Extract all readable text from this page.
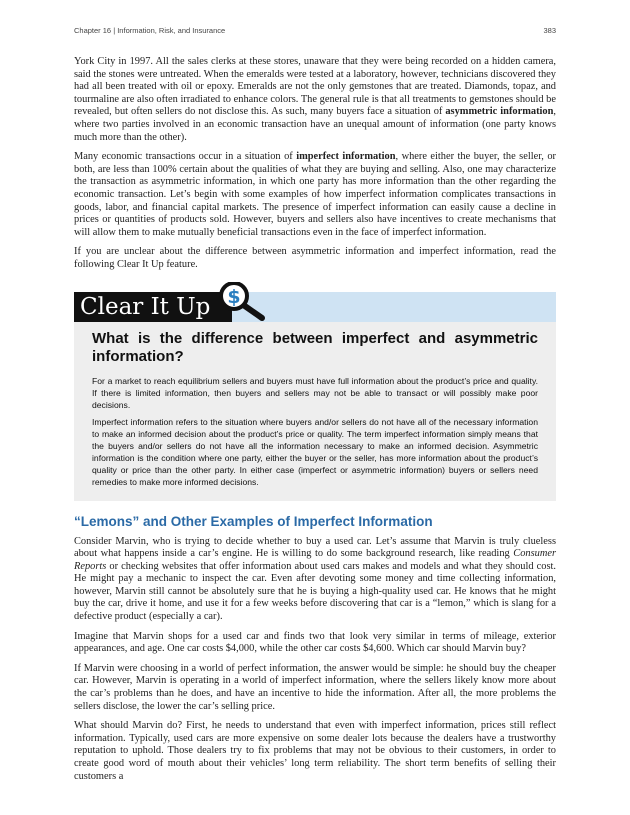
Chapter 16 | Information, Risk, and Insurance	383

York City in 1997. All the sales clerks at these stores, unaware that they were being recorded on a hidden camera, said the stones were untreated. When the emeralds were tested at a laboratory, however, technicians discovered they had all been treated with oil or epoxy. Emeralds are not the only gemstones that are treated. Diamonds, topaz, and tourmaline are also often irradiated to enhance colors. The general rule is that all treatments to gemstones should be revealed, but often sellers do not disclose this. As such, many buyers face a situation of asymmetric information, where two parties involved in an economic transaction have an unequal amount of information (one party knows much more than the other).

Many economic transactions occur in a situation of imperfect information, where either the buyer, the seller, or both, are less than 100% certain about the qualities of what they are buying and selling. Also, one may characterize the transaction as asymmetric information, in which one party has more information than the other regarding the economic transaction. Let’s begin with some examples of how imperfect information complicates transactions in goods, labor, and financial capital markets. The presence of imperfect information can easily cause a decline in prices or quantities of products sold. However, buyers and sellers also have incentives to create mechanisms that will allow them to make mutually beneficial transactions even in the face of imperfect information.

If you are unclear about the difference between asymmetric information and imperfect information, read the following Clear It Up feature.

Clear It Up $
What is the difference between imperfect and asymmetric information?

For a market to reach equilibrium sellers and buyers must have full information about the product’s price and quality. If there is limited information, then buyers and sellers may not be able to transact or will possibly make poor decisions.

Imperfect information refers to the situation where buyers and/or sellers do not have all of the necessary information to make an informed decision about the product’s price or quality. The term imperfect information simply means that the buyers and/or sellers do not have all the information necessary to make an informed decision. Asymmetric information is the condition where one party, either the buyer or the seller, has more information about the product’s quality or price than the other party. In either case (imperfect or asymmetric information) buyers or sellers need remedies to make more informed decisions.

“Lemons” and Other Examples of Imperfect Information

Consider Marvin, who is trying to decide whether to buy a used car. Let’s assume that Marvin is truly clueless about what happens inside a car’s engine. He is willing to do some background research, like reading Consumer Reports or checking websites that offer information about used cars makes and models and what they should cost. He might pay a mechanic to inspect the car. Even after devoting some money and time collecting information, however, Marvin still cannot be absolutely sure that he is buying a high-quality used car. He knows that he might buy the car, drive it home, and use it for a few weeks before discovering that car is a “lemon,” which is slang for a defective product (especially a car).

Imagine that Marvin shops for a used car and finds two that look very similar in terms of mileage, exterior appearances, and age. One car costs $4,000, while the other car costs $4,600. Which car should Marvin buy?

If Marvin were choosing in a world of perfect information, the answer would be simple: he should buy the cheaper car. However, Marvin is operating in a world of imperfect information, where the sellers likely know more about the car’s problems than he does, and have an incentive to hide the information. After all, the more problems the sellers disclose, the lower the car’s selling price.

What should Marvin do? First, he needs to understand that even with imperfect information, prices still reflect information. Typically, used cars are more expensive on some dealer lots because the dealers have a trustworthy reputation to uphold. Those dealers try to fix problems that may not be obvious to their customers, in order to create good word of mouth about their vehicles’ long term reliability. The short term benefits of selling their customers a
